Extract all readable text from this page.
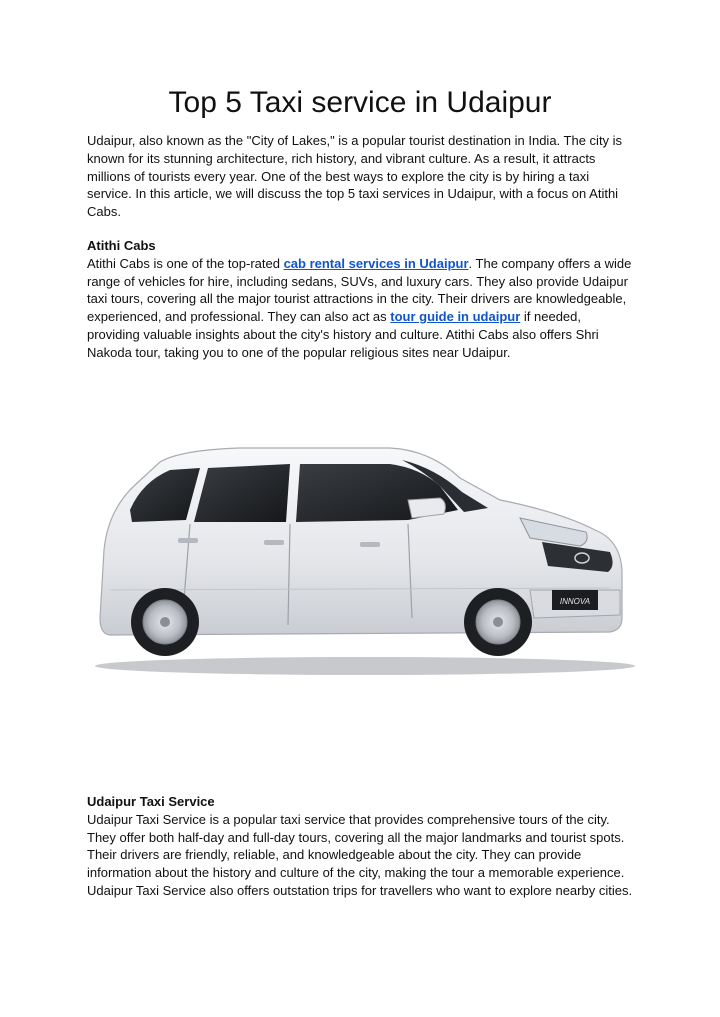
Top 5 Taxi service in Udaipur

Udaipur, also known as the "City of Lakes," is a popular tourist destination in India. The city is known for its stunning architecture, rich history, and vibrant culture. As a result, it attracts millions of tourists every year. One of the best ways to explore the city is by hiring a taxi service. In this article, we will discuss the top 5 taxi services in Udaipur, with a focus on Atithi Cabs.

Atithi Cabs

Atithi Cabs is one of the top-rated cab rental services in Udaipur. The company offers a wide range of vehicles for hire, including sedans, SUVs, and luxury cars. They also provide Udaipur taxi tours, covering all the major tourist attractions in the city. Their drivers are knowledgeable, experienced, and professional. They can also act as tour guide in udaipur if needed, providing valuable insights about the city's history and culture. Atithi Cabs also offers Shri Nakoda tour, taking you to one of the popular religious sites near Udaipur.

INNOVA

Udaipur Taxi Service

Udaipur Taxi Service is a popular taxi service that provides comprehensive tours of the city. They offer both half-day and full-day tours, covering all the major landmarks and tourist spots. Their drivers are friendly, reliable, and knowledgeable about the city. They can provide information about the history and culture of the city, making the tour a memorable experience. Udaipur Taxi Service also offers outstation trips for travellers who want to explore nearby cities.
